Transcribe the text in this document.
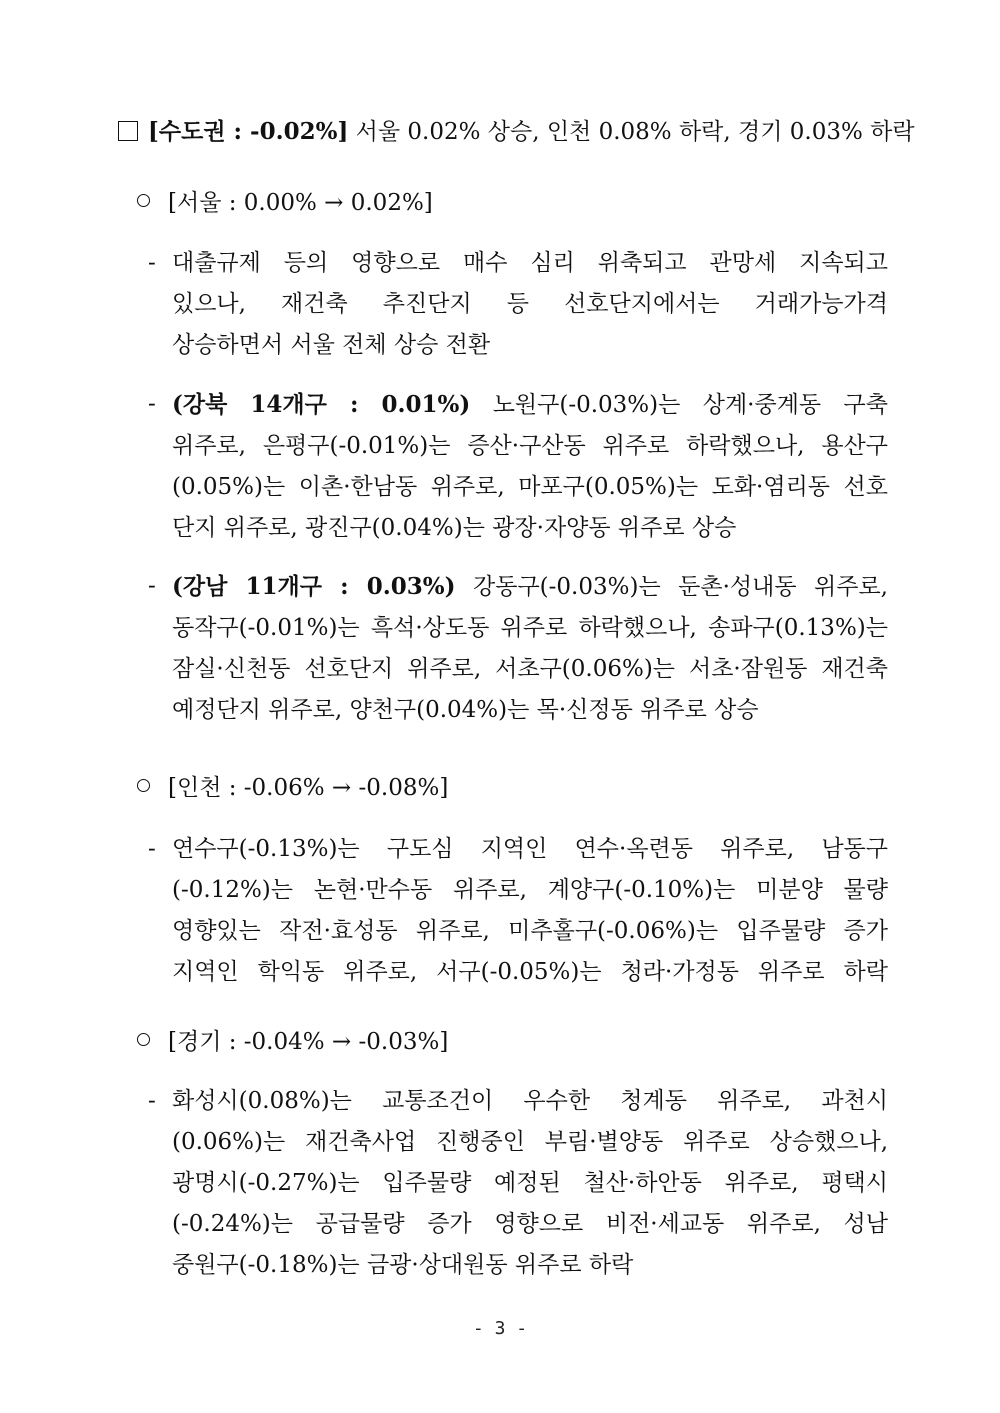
[수도권 : -0.02%] 서울 0.02% 상승, 인천 0.08% 하락, 경기 0.03% 하락
[서울 : 0.00% → 0.02%]
- 대출규제 등의 영향으로 매수 심리 위축되고 관망세 지속되고
있으나, 재건축 추진단지 등 선호단지에서는 거래가능가격
상승하면서 서울 전체 상승 전환
- (강북 14개구 : 0.01%) 노원구(-0.03%)는 상계·중계동 구축
위주로, 은평구(-0.01%)는 증산·구산동 위주로 하락했으나, 용산구
(0.05%)는 이촌·한남동 위주로, 마포구(0.05%)는 도화·염리동 선호
단지 위주로, 광진구(0.04%)는 광장·자양동 위주로 상승
- (강남 11개구 : 0.03%) 강동구(-0.03%)는 둔촌·성내동 위주로,
동작구(-0.01%)는 흑석·상도동 위주로 하락했으나, 송파구(0.13%)는
잠실·신천동 선호단지 위주로, 서초구(0.06%)는 서초·잠원동 재건축
예정단지 위주로, 양천구(0.04%)는 목·신정동 위주로 상승
[인천 : -0.06% → -0.08%]
- 연수구(-0.13%)는 구도심 지역인 연수·옥련동 위주로, 남동구
(-0.12%)는 논현·만수동 위주로, 계양구(-0.10%)는 미분양 물량
영향있는 작전·효성동 위주로, 미추홀구(-0.06%)는 입주물량 증가
지역인 학익동 위주로, 서구(-0.05%)는 청라·가정동 위주로 하락
[경기 : -0.04% → -0.03%]
- 화성시(0.08%)는 교통조건이 우수한 청계동 위주로, 과천시
(0.06%)는 재건축사업 진행중인 부림·별양동 위주로 상승했으나,
광명시(-0.27%)는 입주물량 예정된 철산·하안동 위주로, 평택시
(-0.24%)는 공급물량 증가 영향으로 비전·세교동 위주로, 성남
중원구(-0.18%)는 금광·상대원동 위주로 하락
- 3 -
